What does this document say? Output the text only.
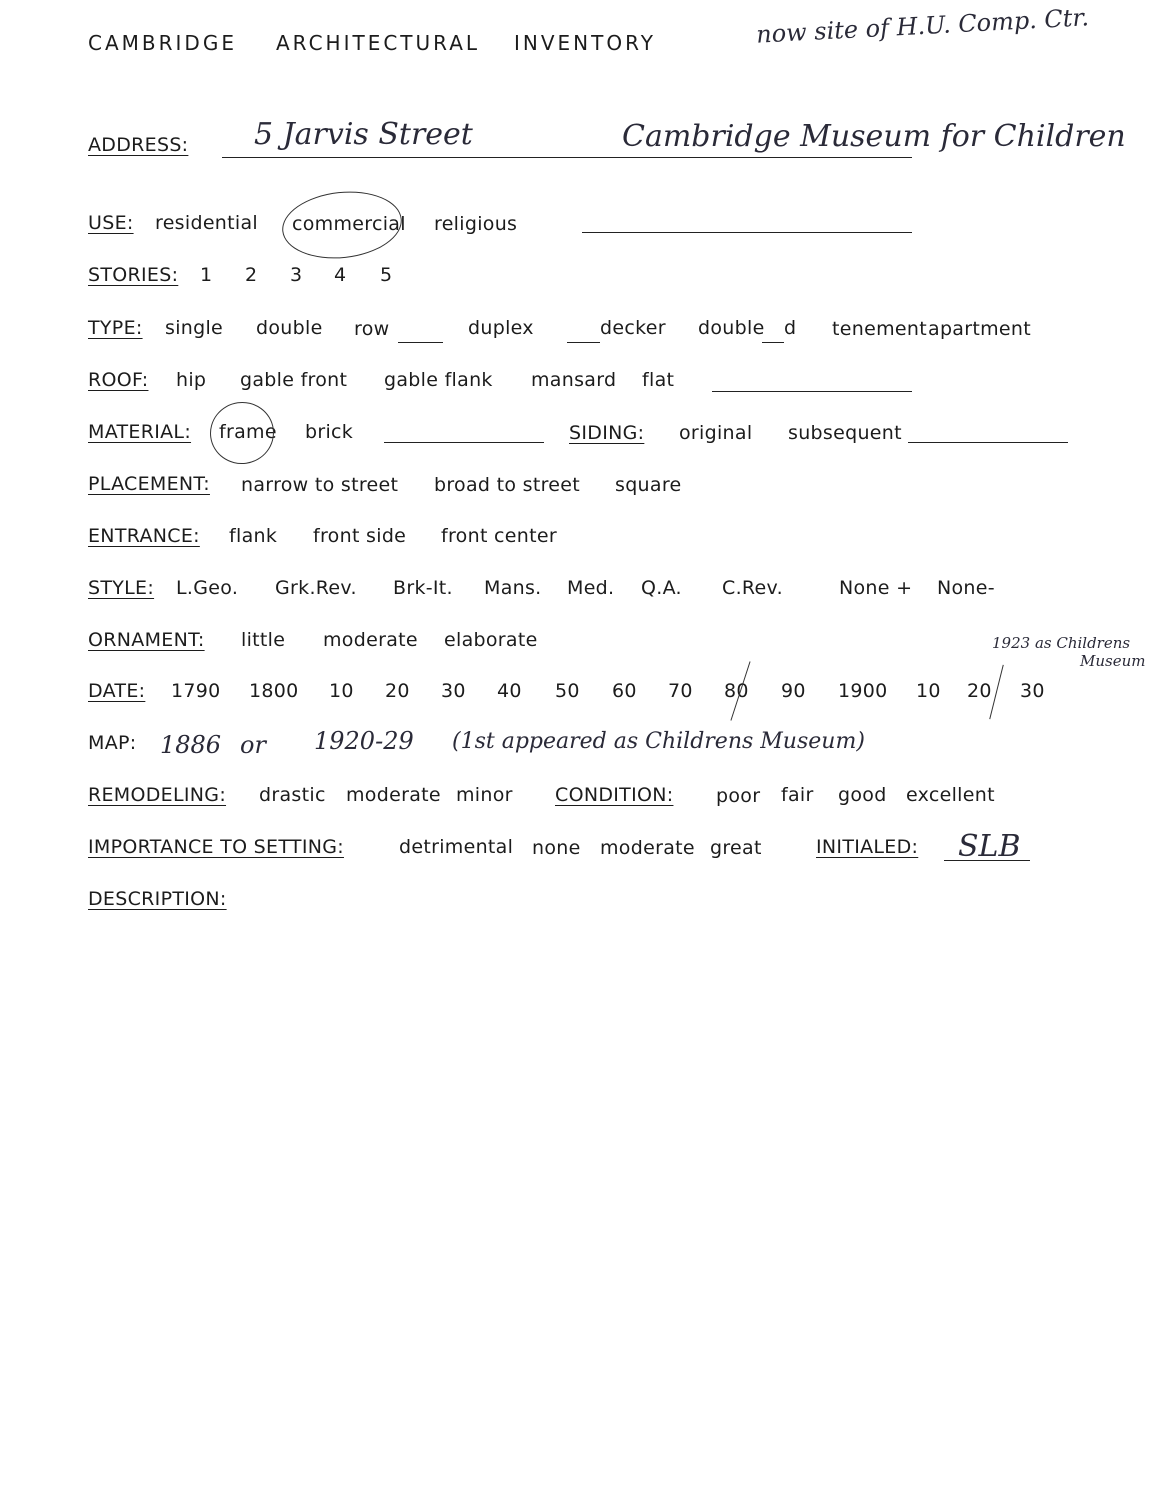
CAMBRIDGE ARCHITECTURAL INVENTORY	now site of H.U. Comp. Ctr.
ADDRESS: 5 Jarvis Street	Cambridge Museum for Children
USE: residential commercial religious
STORIES: 1 2 3 4 5
TYPE: single double row	duplex	decker double d tenement apartment
ROOF: hip gable front gable flank mansard flat
MATERIAL: frame brick	SIDING: original subsequent
PLACEMENT: narrow to street broad to street square
ENTRANCE: flank front side front center
STYLE: L.Geo. Grk.Rev. Brk-It. Mans. Med. Q.A. C.Rev.	None + None-
ORNAMENT: little moderate elaborate	1923 as Childrens
Museum
DATE: 1790 1800 10 20 30 40 50 60 70 80 90 1900 10 20 30
MAP: 1886 or 1920-29 (1st appeared as Childrens Museum)
REMODELING: drastic moderate minor CONDITION: poor fair good excellent
IMPORTANCE TO SETTING:	detrimental none moderate great	INITIALED: SLB
DESCRIPTION:
